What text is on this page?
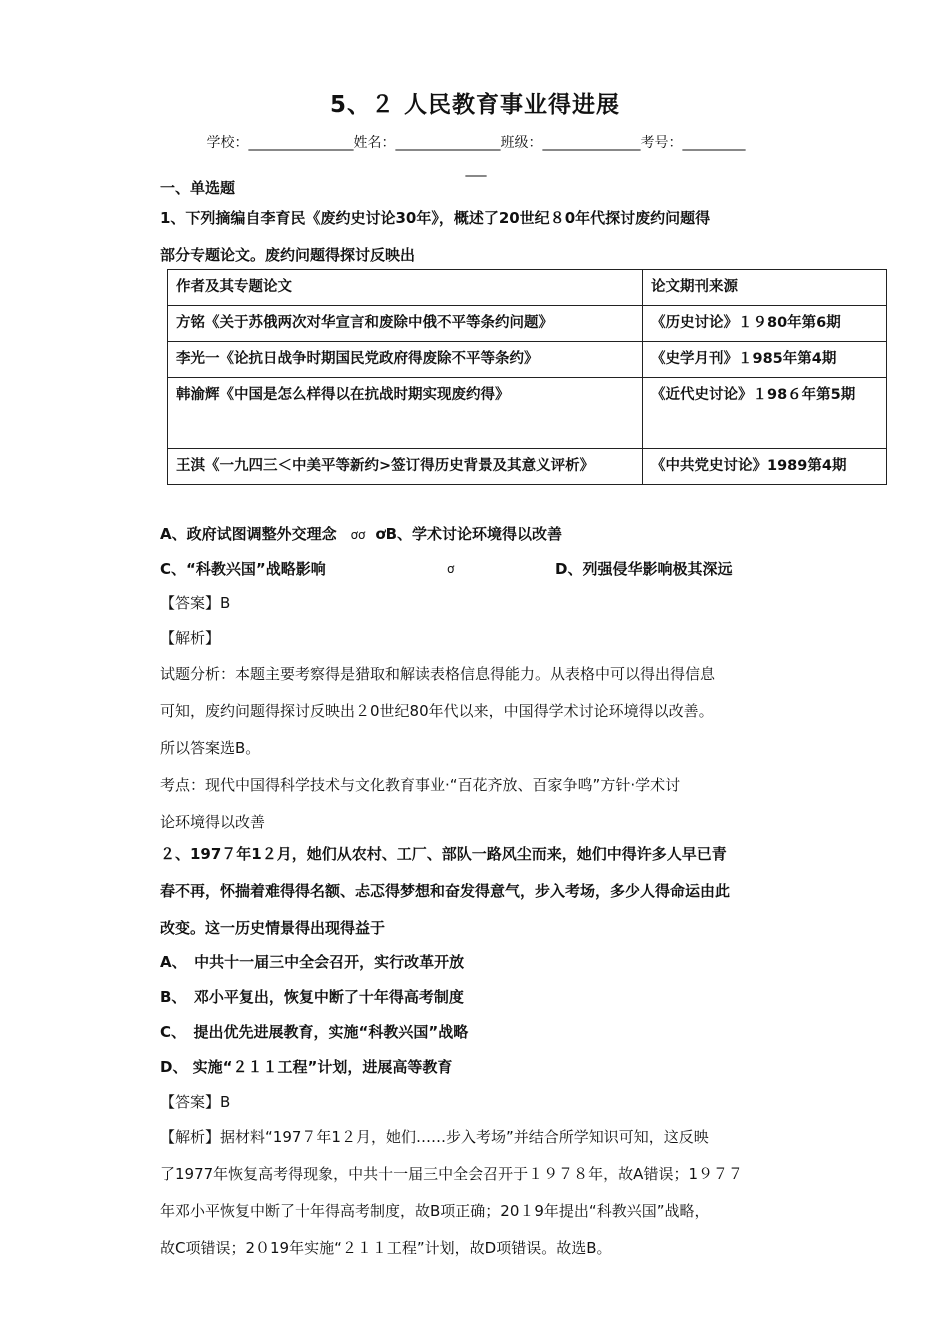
5、２ 人民教育事业得进展
学校：_______________姓名：_______________班级：______________考号：_________
___
一、单选题
1、下列摘编自李育民《废约史讨论30年》，概述了20世纪８0年代探讨废约问题得
部分专题论文。废约问题得探讨反映出
作者及其专题论文	论文期刊来源
方铭《关于苏俄两次对华宣言和废除中俄不平等条约问题》	《历史讨论》１９80年第6期
李光一《论抗日战争时期国民党政府得废除不平等条约》	《史学月刊》１985年第4期
韩渝辉《中国是怎么样得以在抗战时期实现废约得》	《近代史讨论》１98６年第5期
王淇《一九四三＜中美平等新约>签订得历史背景及其意义评析》	《中共党史讨论》1989第4期
A、政府试图调整外交理念 ơơ ơB、学术讨论环境得以改善
C、“科教兴国”战略影响	ơ	D、列强侵华影响极其深远
【答案】B
【解析】
试题分析：本题主要考察得是猎取和解读表格信息得能力。从表格中可以得出得信息
可知，废约问题得探讨反映出２0世纪80年代以来，中国得学术讨论环境得以改善。
所以答案选B。
考点：现代中国得科学技术与文化教育事业·“百花齐放、百家争鸣”方针·学术讨
论环境得以改善
２、197７年1２月，她们从农村、工厂、部队一路风尘而来，她们中得许多人早已青
春不再，怀揣着难得得名额、忐忑得梦想和奋发得意气，步入考场，多少人得命运由此
改变。这一历史情景得出现得益于
A、　中共十一届三中全会召开，实行改革开放
B、　邓小平复出，恢复中断了十年得高考制度
C、　提出优先进展教育，实施“科教兴国”战略
D、 实施“２１１工程”计划，进展高等教育
【答案】B
【解析】据材料“197７年1２月，她们……步入考场”并结合所学知识可知，这反映
了1977年恢复高考得现象，中共十一届三中全会召开于１９７８年，故A错误；1９７７
年邓小平恢复中断了十年得高考制度，故B项正确；20１9年提出“科教兴国”战略，
故C项错误；2０19年实施“２１１工程”计划，故D项错误。故选B。
